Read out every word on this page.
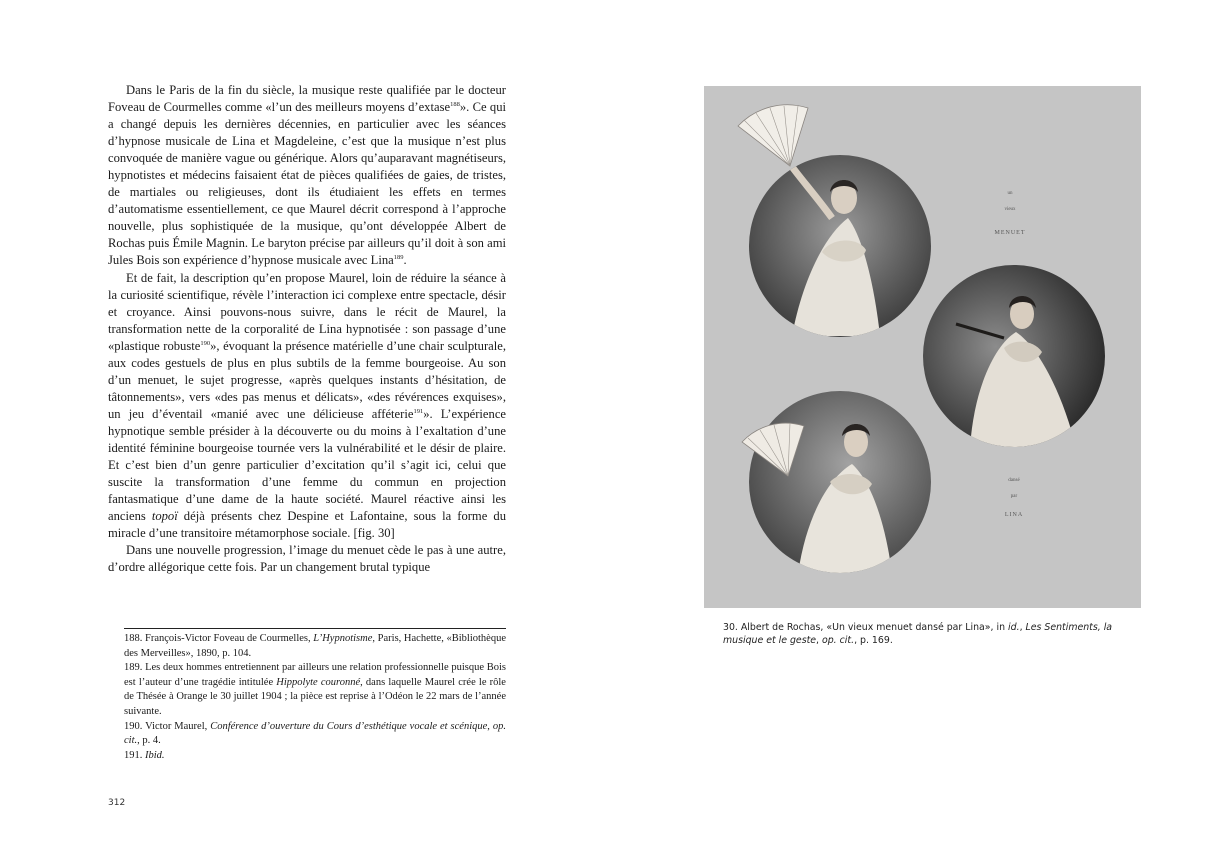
Dans le Paris de la fin du siècle, la musique reste qualifiée par le docteur Foveau de Courmelles comme «l’un des meilleurs moyens d’extase$^{188}$». Ce qui a changé depuis les dernières décennies, en particulier avec les séances d’hypnose musicale de Lina et Magdeleine, c’est que la musique n’est plus convoquée de manière vague ou générique. Alors qu’auparavant magnétiseurs, hypnotistes et médecins faisaient état de pièces qualifiées de gaies, de tristes, de martiales ou religieuses, dont ils étudiaient les effets en termes d’automatisme essentiellement, ce que Maurel décrit correspond à l’approche nouvelle, plus sophistiquée de la musique, qu’ont développée Albert de Rochas puis Émile Magnin. Le baryton précise par ailleurs qu’il doit à son ami Jules Bois son expérience d’hypnose musicale avec Lina$^{189}$.

Et de fait, la description qu’en propose Maurel, loin de réduire la séance à la curiosité scientifique, révèle l’interaction ici complexe entre spectacle, désir et croyance. Ainsi pouvons-nous suivre, dans le récit de Maurel, la transformation nette de la corporalité de Lina hypnotisée : son passage d’une «plastique robuste$^{190}$», évoquant la présence matérielle d’une chair sculpturale, aux codes gestuels de plus en plus subtils de la femme bourgeoise. Au son d’un menuet, le sujet progresse, «après quelques instants d’hésitation, de tâtonnements», vers «des pas menus et délicats», «des révérences exquises», un jeu d’éventail «manié avec une délicieuse afféterie$^{191}$». L’expérience hypnotique semble présider à la découverte ou du moins à l’exaltation d’une identité féminine bourgeoise tournée vers la vulnérabilité et le désir de plaire. Et c’est bien d’un genre particulier d’excitation qu’il s’agit ici, celui que suscite la transformation d’une femme du commun en projection fantasmatique d’une dame de la haute société. Maurel réactive ainsi les anciens topoï déjà présents chez Despine et Lafontaine, sous la forme du miracle d’une transitoire métamorphose sociale. [fig. 30]

Dans une nouvelle progression, l’image du menuet cède le pas à une autre, d’ordre allégorique cette fois. Par un changement brutal typique

188. François-Victor Foveau de Courmelles, L’Hypnotisme, Paris, Hachette, «Bibliothèque des Merveilles», 1890, p. 104.

189. Les deux hommes entretiennent par ailleurs une relation professionnelle puisque Bois est l’auteur d’une tragédie intitulée Hippolyte couronné, dans laquelle Maurel crée le rôle de Thésée à Orange le 30 juillet 1904 ; la pièce est reprise à l’Odéon le 22 mars de l’année suivante.

190. Victor Maurel, Conférence d’ouverture du Cours d’esthétique vocale et scénique, op. cit., p. 4.

191. Ibid.

312
un
vieux
MENUET
dansé
par
LINA
30. Albert de Rochas, «Un vieux menuet dansé par Lina», in id., Les Sentiments, la musique et le geste, op. cit., p. 169.
